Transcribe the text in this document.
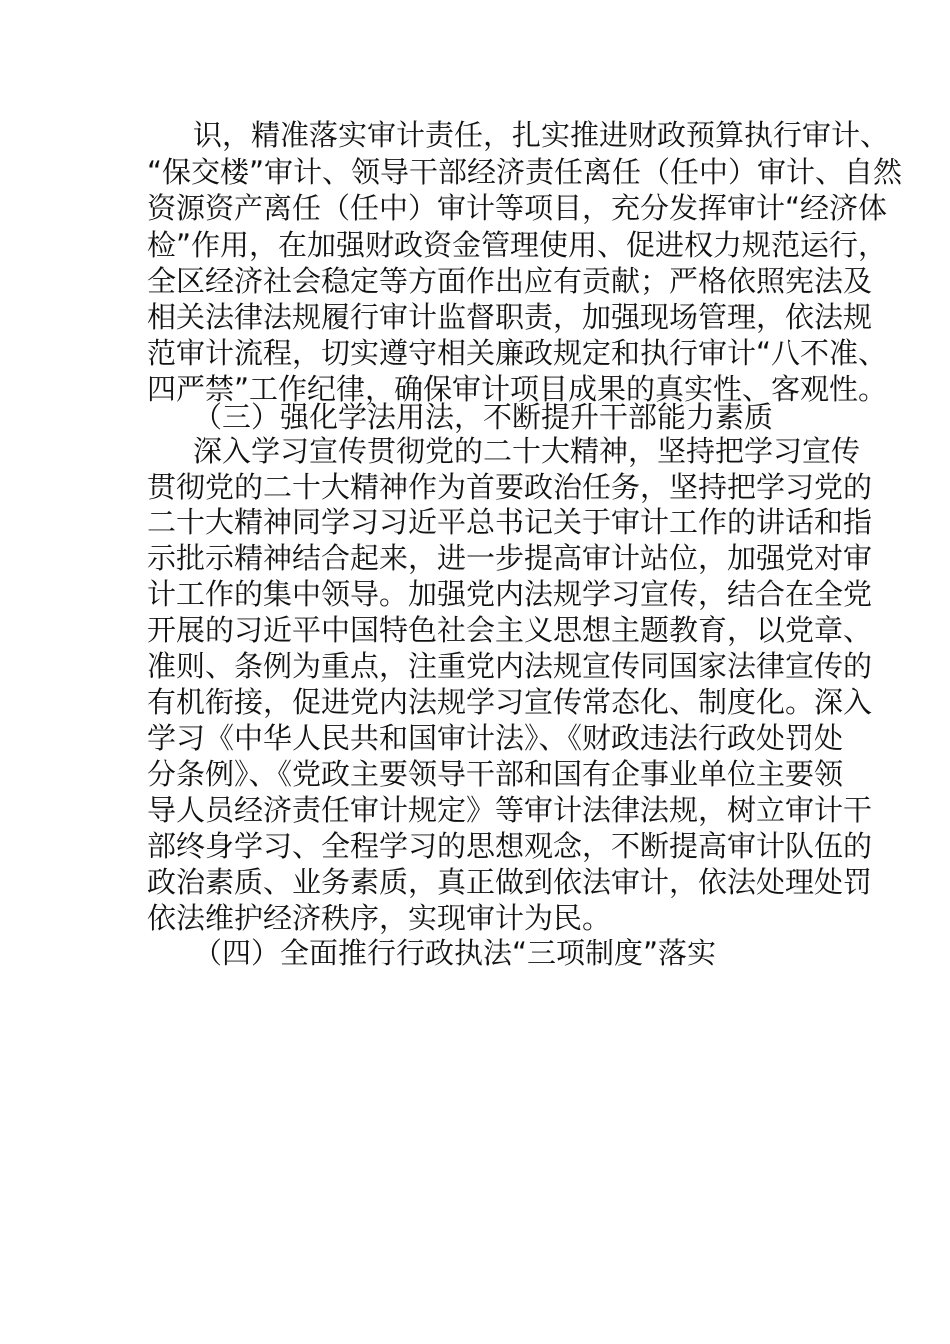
识，精准落实审计责任，扎实推进财政预算执行审计、
“保交楼”审计、领导干部经济责任离任（任中）审计、自然
资源资产离任（任中）审计等项目，充分发挥审计“经济体
检”作用，在加强财政资金管理使用、促进权力规范运行，
全区经济社会稳定等方面作出应有贡献；严格依照宪法及
相关法律法规履行审计监督职责，加强现场管理，依法规
范审计流程，切实遵守相关廉政规定和执行审计“八不准、
四严禁”工作纪律，确保审计项目成果的真实性、客观性。
（三）强化学法用法，不断提升干部能力素质
深入学习宣传贯彻党的二十大精神，坚持把学习宣传
贯彻党的二十大精神作为首要政治任务，坚持把学习党的
二十大精神同学习习近平总书记关于审计工作的讲话和指
示批示精神结合起来，进一步提高审计站位，加强党对审
计工作的集中领导。加强党内法规学习宣传，结合在全党
开展的习近平中国特色社会主义思想主题教育，以党章、
准则、条例为重点，注重党内法规宣传同国家法律宣传的
有机衔接，促进党内法规学习宣传常态化、制度化。深入
学习《中华人民共和国审计法》、《财政违法行政处罚处
分条例》、《党政主要领导干部和国有企事业单位主要领
导人员经济责任审计规定》等审计法律法规，树立审计干
部终身学习、全程学习的思想观念，不断提高审计队伍的
政治素质、业务素质，真正做到依法审计，依法处理处罚
依法维护经济秩序，实现审计为民。
（四）全面推行行政执法“三项制度”落实
